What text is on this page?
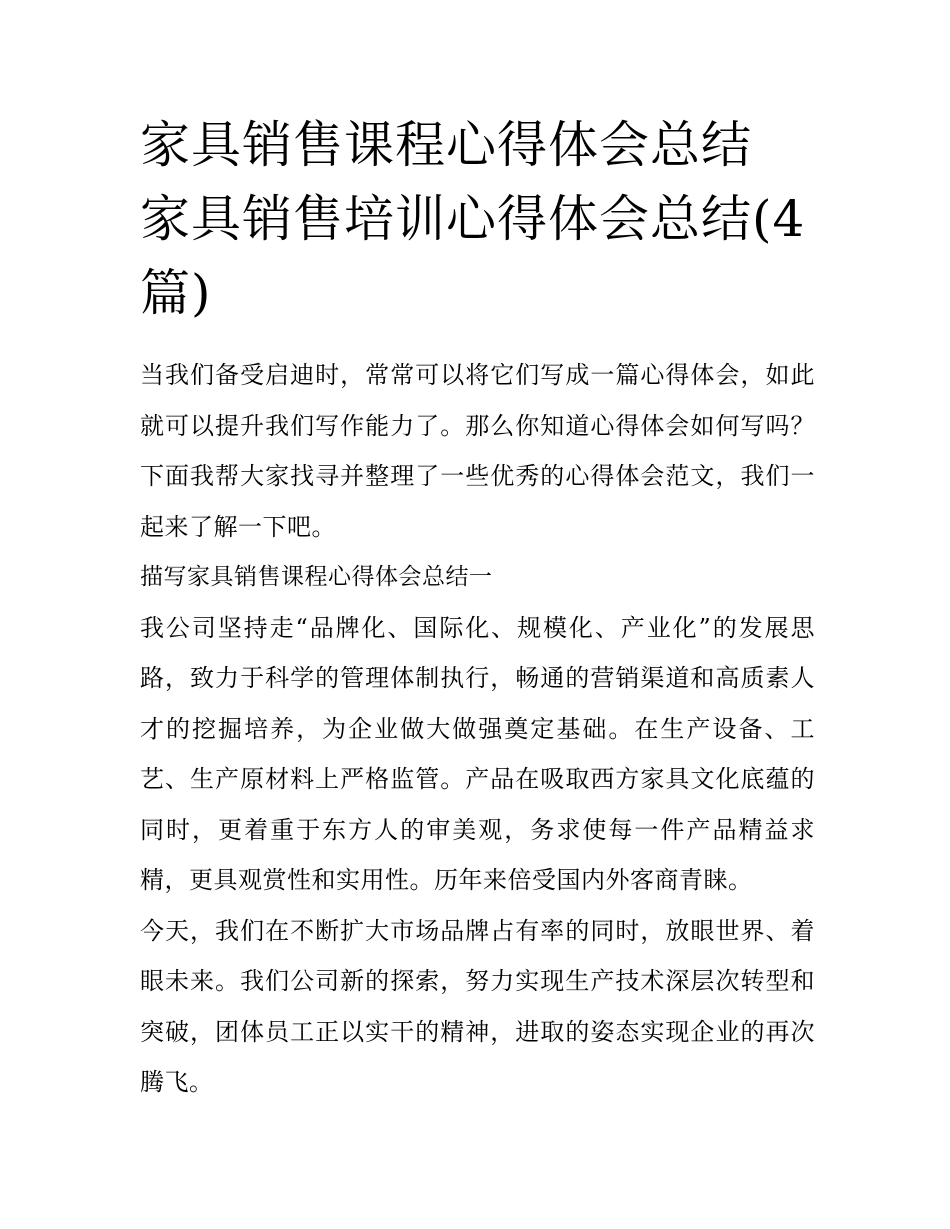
家具销售课程心得体会总结 家具销售培训心得体会总结(4篇)

当我们备受启迪时，常常可以将它们写成一篇心得体会，如此就可以提升我们写作能力了。那么你知道心得体会如何写吗？下面我帮大家找寻并整理了一些优秀的心得体会范文，我们一起来了解一下吧。

描写家具销售课程心得体会总结一

我公司坚持走“品牌化、国际化、规模化、产业化”的发展思路，致力于科学的管理体制执行，畅通的营销渠道和高质素人才的挖掘培养，为企业做大做强奠定基础。在生产设备、工艺、生产原材料上严格监管。产品在吸取西方家具文化底蕴的同时，更着重于东方人的审美观，务求使每一件产品精益求精，更具观赏性和实用性。历年来倍受国内外客商青睐。

今天，我们在不断扩大市场品牌占有率的同时，放眼世界、着眼未来。我们公司新的探索，努力实现生产技术深层次转型和突破，团体员工正以实干的精神，进取的姿态实现企业的再次腾飞。
